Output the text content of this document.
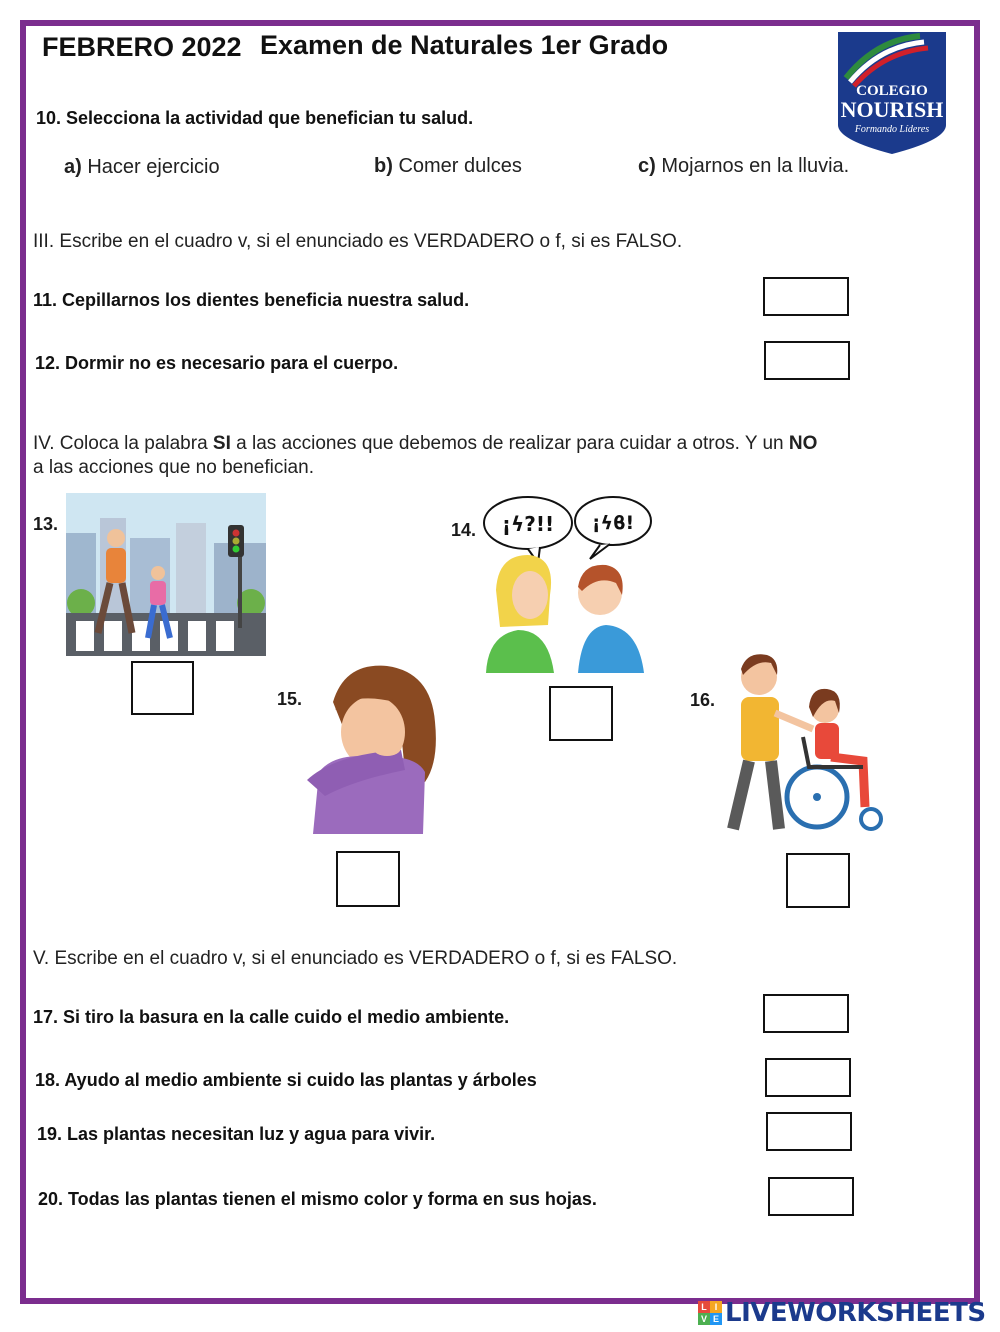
FEBRERO 2022 Examen de Naturales 1er Grado
COLEGIO
NOURISH
Formando Líderes
10. Selecciona la actividad que benefician tu salud.
a) Hacer ejercicio	b) Comer dulces	c) Mojarnos en la lluvia.
III. Escribe en el cuadro v, si el enunciado es VERDADERO o f, si es FALSO.
11. Cepillarnos los dientes beneficia nuestra salud.
12. Dormir no es necesario para el cuerpo.
IV. Coloca la palabra SI a las acciones que debemos de realizar para cuidar a otros. Y un NO
a las acciones que no benefician.
13.	14.
15.	16.
¡ϟ?!! ¡ϟϐ!
V. Escribe en el cuadro v, si el enunciado es VERDADERO o f, si es FALSO.
17. Si tiro la basura en la calle cuido el medio ambiente.
18. Ayudo al medio ambiente si cuido las plantas y árboles
19. Las plantas necesitan luz y agua para vivir.
20. Todas las plantas tienen el mismo color y forma en sus hojas.
L I
V E LIVEWORKSHEETS
